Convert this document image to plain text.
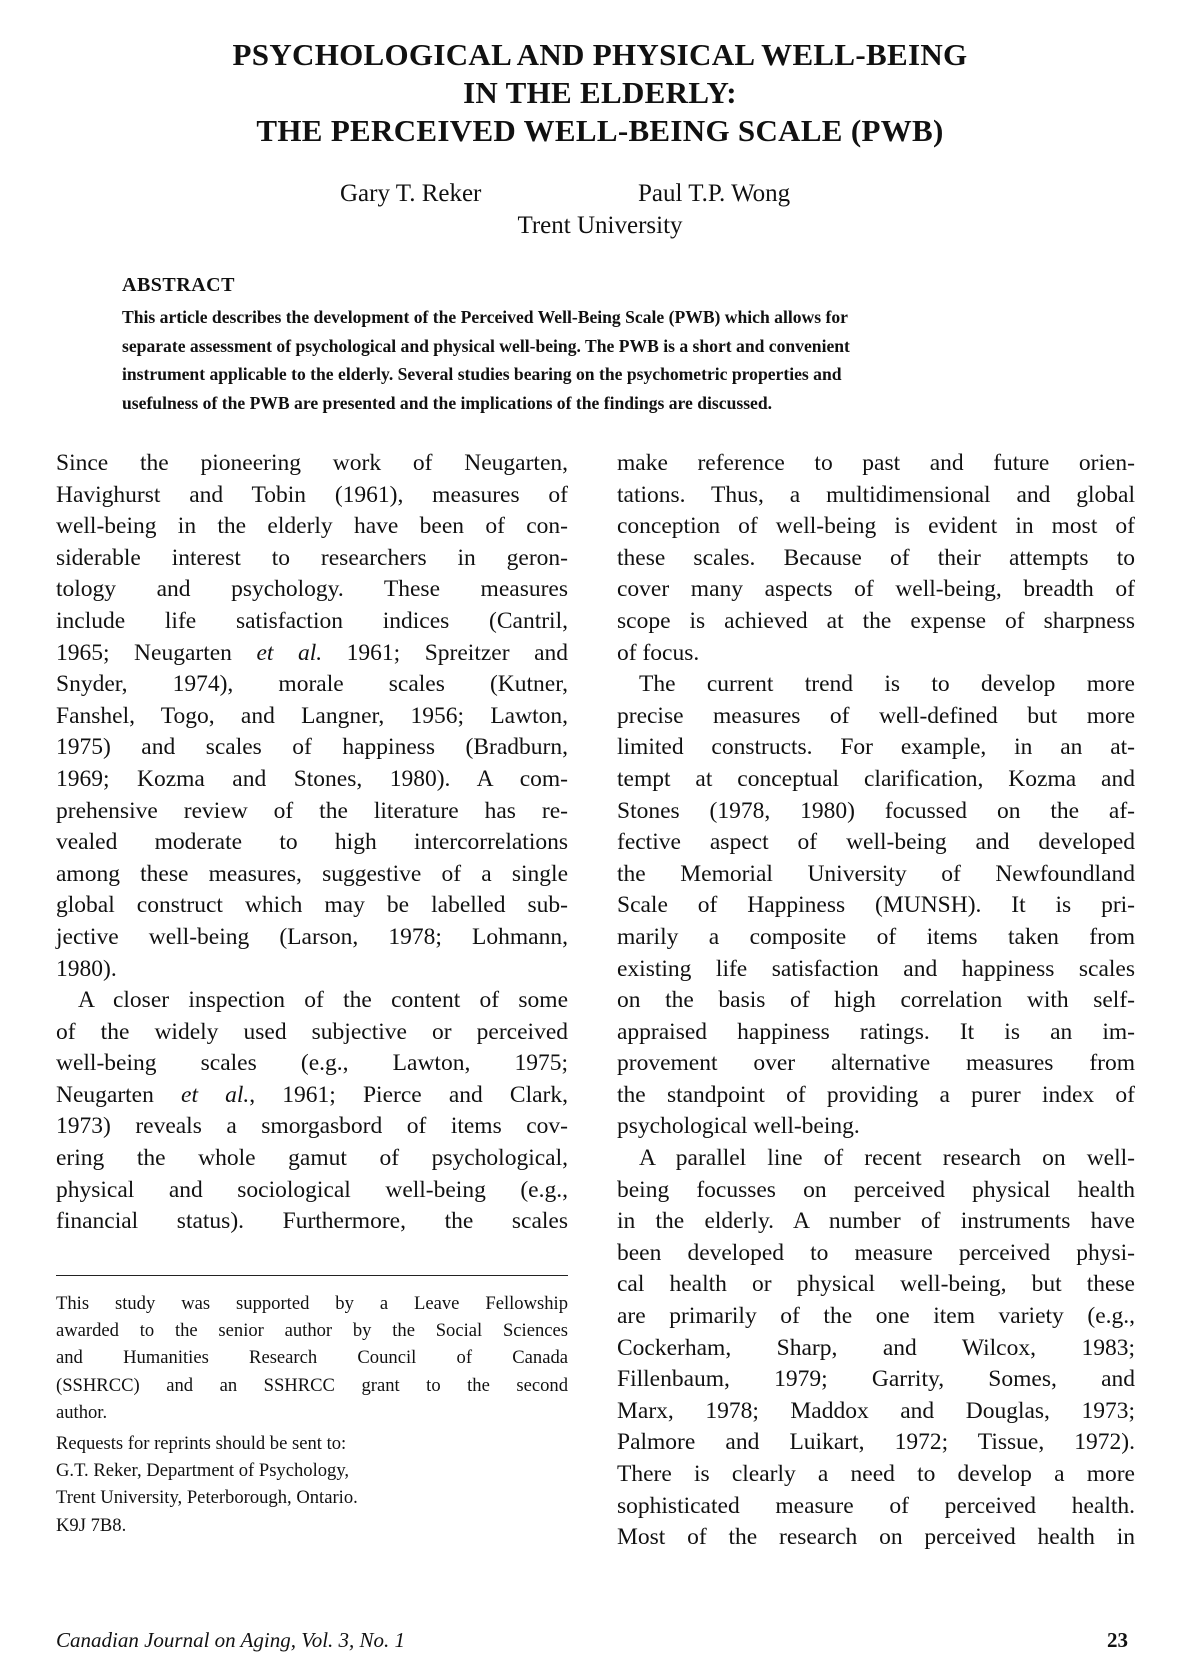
PSYCHOLOGICAL AND PHYSICAL WELL-BEING
IN THE ELDERLY:
THE PERCEIVED WELL-BEING SCALE (PWB)
Gary T. Reker	Paul T.P. Wong
Trent University
ABSTRACT
This article describes the development of the Perceived Well-Being Scale (PWB) which allows for
separate assessment of psychological and physical well-being. The PWB is a short and convenient
instrument applicable to the elderly. Several studies bearing on the psychometric properties and
usefulness of the PWB are presented and the implications of the findings are discussed.
Since the pioneering work of Neugarten,
Havighurst and Tobin (1961), measures of
well-being in the elderly have been of con-
siderable interest to researchers in geron-
tology and psychology. These measures
include life satisfaction indices (Cantril,
1965; Neugarten et al. 1961; Spreitzer and
Snyder, 1974), morale scales (Kutner,
Fanshel, Togo, and Langner, 1956; Lawton,
1975) and scales of happiness (Bradburn,
1969; Kozma and Stones, 1980). A com-
prehensive review of the literature has re-
vealed moderate to high intercorrelations
among these measures, suggestive of a single
global construct which may be labelled sub-
jective well-being (Larson, 1978; Lohmann,
1980).
A closer inspection of the content of some
of the widely used subjective or perceived
well-being scales (e.g., Lawton, 1975;
Neugarten et al., 1961; Pierce and Clark,
1973) reveals a smorgasbord of items cov-
ering the whole gamut of psychological,
physical and sociological well-being (e.g.,
financial status). Furthermore, the scales
make reference to past and future orien-
tations. Thus, a multidimensional and global
conception of well-being is evident in most of
these scales. Because of their attempts to
cover many aspects of well-being, breadth of
scope is achieved at the expense of sharpness
of focus.
The current trend is to develop more
precise measures of well-defined but more
limited constructs. For example, in an at-
tempt at conceptual clarification, Kozma and
Stones (1978, 1980) focussed on the af-
fective aspect of well-being and developed
the Memorial University of Newfoundland
Scale of Happiness (MUNSH). It is pri-
marily a composite of items taken from
existing life satisfaction and happiness scales
on the basis of high correlation with self-
appraised happiness ratings. It is an im-
provement over alternative measures from
the standpoint of providing a purer index of
psychological well-being.
A parallel line of recent research on well-
being focusses on perceived physical health
in the elderly. A number of instruments have
been developed to measure perceived physi-
cal health or physical well-being, but these
are primarily of the one item variety (e.g.,
Cockerham, Sharp, and Wilcox, 1983;
Fillenbaum, 1979; Garrity, Somes, and
Marx, 1978; Maddox and Douglas, 1973;
Palmore and Luikart, 1972; Tissue, 1972).
There is clearly a need to develop a more
sophisticated measure of perceived health.
Most of the research on perceived health in
This study was supported by a Leave Fellowship
awarded to the senior author by the Social Sciences
and Humanities Research Council of Canada
(SSHRCC) and an SSHRCC grant to the second
author.
Requests for reprints should be sent to:
G.T. Reker, Department of Psychology,
Trent University, Peterborough, Ontario.
K9J 7B8.
Canadian Journal on Aging, Vol. 3, No. 1	23
